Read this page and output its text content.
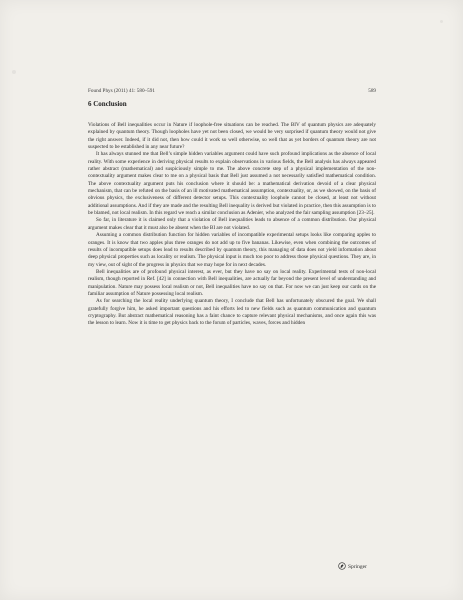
Found Phys (2011) 41: 580–591	589
6 Conclusion

Violations of Bell inequalities occur in Nature if loophole-free situations can be reached. The BIV of quantum physics are adequately explained by quantum theory. Though loopholes have yet not been closed, we would be very surprised if quantum theory would not give the right answer. Indeed, if it did not, then how could it work so well otherwise, so well that as yet borders of quantum theory are not suspected to be established in any near future?

It has always stunned me that Bell’s simple hidden variables argument could have such profound implications as the absence of local reality. With some experience in deriving physical results to explain observations in various fields, the Bell analysis has always appeared rather abstract (mathematical) and suspiciously simple to me. The above concrete step of a physical implementation of the non-contextuality argument makes clear to me on a physical basis that Bell just assumed a not necessarily satisfied mathematical condition. The above contextuality argument puts his conclusion where it should be: a mathematical derivation devoid of a clear physical mechanism, that can be refuted on the basis of an ill motivated mathematical assumption, contextuality, or, as we showed, on the basis of obvious physics, the exclusiveness of different detector setups. This contextuality loophole cannot be closed, at least not without additional assumptions. And if they are made and the resulting Bell inequality is derived but violated in practice, then this assumption is to be blamed, not local realism. In this regard we reach a similar conclusion as Adenier, who analyzed the fair sampling assumption [23–25].

So far, in literature it is claimed only that a violation of Bell inequalities leads to absence of a common distribution. Our physical argument makes clear that it must also be absent when the BI are not violated.

Assuming a common distribution function for hidden variables of incompatible experimental setups looks like comparing apples to oranges. It is know that two apples plus three oranges do not add up to five bananas. Likewise, even when combining the outcomes of results of incompatible setups does lead to results described by quantum theory, this managing of data does not yield information about deep physical properties such as locality or realism. The physical input is much too poor to address those physical questions. They are, in my view, out of sight of the progress in physics that we may hope for in next decades.

Bell inequalities are of profound physical interest, as ever, but they have no say on local reality. Experimental tests of non-local realism, though reported in Ref. [42] in connection with Bell inequalities, are actually far beyond the present level of understanding and manipulation. Nature may possess local realism or not, Bell inequalities have no say on that. For now we can just keep our cards on the familiar assumption of Nature possessing local realism.

As for searching the local reality underlying quantum theory, I conclude that Bell has unfortunately obscured the goal. We shall gratefully forgive him, he asked important questions and his efforts led to new fields such as quantum communication and quantum cryptography. But abstract mathematical reasoning has a faint chance to capture relevant physical mechanisms, and once again this was the lesson to learn. Now it is time to get physics back to the forum of particles, waves, forces and hidden

Springer
